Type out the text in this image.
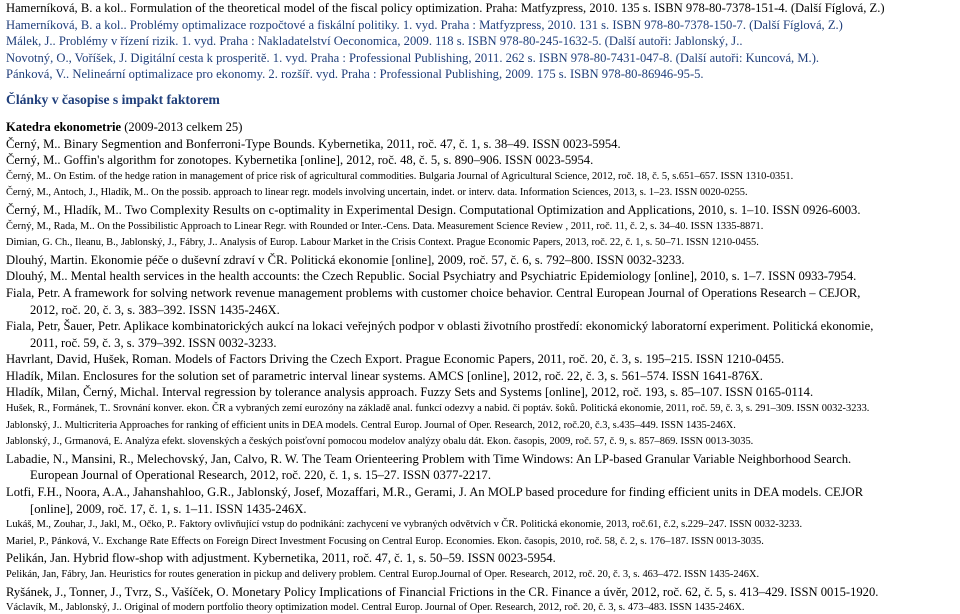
Hamerníková, B. a kol.. Formulation of the theoretical model of the fiscal policy optimization. Praha: Matfyzpress, 2010. 135 s. ISBN 978-80-7378-151-4. (Další Fíglová, Z.)
Hamerníková, B. a kol.. Problémy optimalizace rozpočtové a fiskální politiky. 1. vyd. Praha : Matfyzpress, 2010. 131 s. ISBN 978-80-7378-150-7. (Další Fíglová, Z.)
Málek, J.. Problémy v řízení rizik. 1. vyd. Praha : Nakladatelství Oeconomica, 2009. 118 s. ISBN 978-80-245-1632-5. (Další autoři: Jablonský, J..
Novotný, O., Voříšek, J. Digitální cesta k prosperitě. 1. vyd. Praha : Professional Publishing, 2011. 262 s. ISBN 978-80-7431-047-8. (Další autoři: Kuncová, M.).
Pánková, V.. Nelineární optimalizace pro ekonomy. 2. rozšíř. vyd. Praha : Professional Publishing, 2009. 175 s. ISBN 978-80-86946-95-5.
Články v časopise s impakt faktorem
Katedra ekonometrie (2009-2013 celkem 25)
Černý, M.. Binary Segmention and Bonferroni-Type Bounds. Kybernetika, 2011, roč. 47, č. 1, s. 38–49. ISSN 0023-5954.
Černý, M.. Goffin's algorithm for zonotopes. Kybernetika [online], 2012, roč. 48, č. 5, s. 890–906. ISSN 0023-5954.
Černý, M.. On Estim. of the hedge ration in management of price risk of agricultural commodities. Bulgaria Journal of Agricultural Science, 2012, roč. 18, č. 5, s.651–657. ISSN 1310-0351.
Černý, M., Antoch, J., Hladík, M.. On the possib. approach to linear regr. models involving uncertain, indet. or interv. data. Information Sciences, 2013, s. 1–23. ISSN 0020-0255.
Černý, M., Hladík, M.. Two Complexity Results on c-optimality in Experimental Design. Computational Optimization and Applications, 2010, s. 1–10. ISSN 0926-6003.
Černý, M., Rada, M.. On the Possibilistic Approach to Linear Regr. with Rounded or Inter.-Cens. Data. Measurement Science Review , 2011, roč. 11, č. 2, s. 34–40. ISSN 1335-8871.
Dimian, G. Ch., Ileanu, B., Jablonský, J., Fábry, J.. Analysis of Europ. Labour Market in the Crisis Context. Prague Economic Papers, 2013, roč. 22, č. 1, s. 50–71. ISSN 1210-0455.
Dlouhý, Martin. Ekonomie péče o duševní zdraví v ČR. Politická ekonomie [online], 2009, roč. 57, č. 6, s. 792–800. ISSN 0032-3233.
Dlouhý, M.. Mental health services in the health accounts: the Czech Republic. Social Psychiatry and Psychiatric Epidemiology [online], 2010, s. 1–7. ISSN 0933-7954.
Fiala, Petr. A framework for solving network revenue management problems with customer choice behavior. Central European Journal of Operations Research – CEJOR,
2012, roč. 20, č. 3, s. 383–392. ISSN 1435-246X.
Fiala, Petr, Šauer, Petr. Aplikace kombinatorických aukcí na lokaci veřejných podpor v oblasti životního prostředí: ekonomický laboratorní experiment. Politická ekonomie,
2011, roč. 59, č. 3, s. 379–392. ISSN 0032-3233.
Havrlant, David, Hušek, Roman. Models of Factors Driving the Czech Export. Prague Economic Papers, 2011, roč. 20, č. 3, s. 195–215. ISSN 1210-0455.
Hladík, Milan. Enclosures for the solution set of parametric interval linear systems. AMCS [online], 2012, roč. 22, č. 3, s. 561–574. ISSN 1641-876X.
Hladík, Milan, Černý, Michal. Interval regression by tolerance analysis approach. Fuzzy Sets and Systems [online], 2012, roč. 193, s. 85–107. ISSN 0165-0114.
Hušek, R., Formánek, T.. Srovnání konver. ekon. ČR a vybraných zemí eurozóny na základě anal. funkcí odezvy a nabid. či poptáv. šoků. Politická ekonomie, 2011, roč. 59, č. 3, s. 291–309. ISSN 0032-3233.
Jablonský, J.. Multicriteria Approaches for ranking of efficient units in DEA models. Central Europ. Journal of Oper. Research, 2012, roč.20, č.3, s.435–449. ISSN 1435-246X.
Jablonský, J., Grmanová, E. Analýza efekt. slovenských a českých poisťovní pomocou modelov analýzy obalu dát. Ekon. časopis, 2009, roč. 57, č. 9, s. 857–869. ISSN 0013-3035.
Labadie, N., Mansini, R., Melechovský, Jan, Calvo, R. W. The Team Orienteering Problem with Time Windows: An LP-based Granular Variable Neighborhood Search.
European Journal of Operational Research, 2012, roč. 220, č. 1, s. 15–27. ISSN 0377-2217.
Lotfi, F.H., Noora, A.A., Jahanshahloo, G.R., Jablonský, Josef, Mozaffari, M.R., Gerami, J. An MOLP based procedure for finding efficient units in DEA models. CEJOR
[online], 2009, roč. 17, č. 1, s. 1–11. ISSN 1435-246X.
Lukáš, M., Zouhar, J., Jakl, M., Očko, P.. Faktory ovlivňující vstup do podnikání: zachycení ve vybraných odvětvích v ČR. Politická ekonomie, 2013, roč.61, č.2, s.229–247. ISSN 0032-3233.
Mariel, P., Pánková, V.. Exchange Rate Effects on Foreign Direct Investment Focusing on Central Europ. Economies. Ekon. časopis, 2010, roč. 58, č. 2, s. 176–187. ISSN 0013-3035.
Pelikán, Jan. Hybrid flow-shop with adjustment. Kybernetika, 2011, roč. 47, č. 1, s. 50–59. ISSN 0023-5954.
Pelikán, Jan, Fábry, Jan. Heuristics for routes generation in pickup and delivery problem. Central Europ.Journal of Oper. Research, 2012, roč. 20, č. 3, s. 463–472. ISSN 1435-246X.
Ryšánek, J., Tonner, J., Tvrz, S., Vašíček, O. Monetary Policy Implications of Financial Frictions in the CR. Finance a úvěr, 2012, roč. 62, č. 5, s. 413–429. ISSN 0015-1920.
Václavík, M., Jablonský, J.. Original of modern portfolio theory optimization model. Central Europ. Journal of Oper. Research, 2012, roč. 20, č. 3, s. 473–483. ISSN 1435-246X.
